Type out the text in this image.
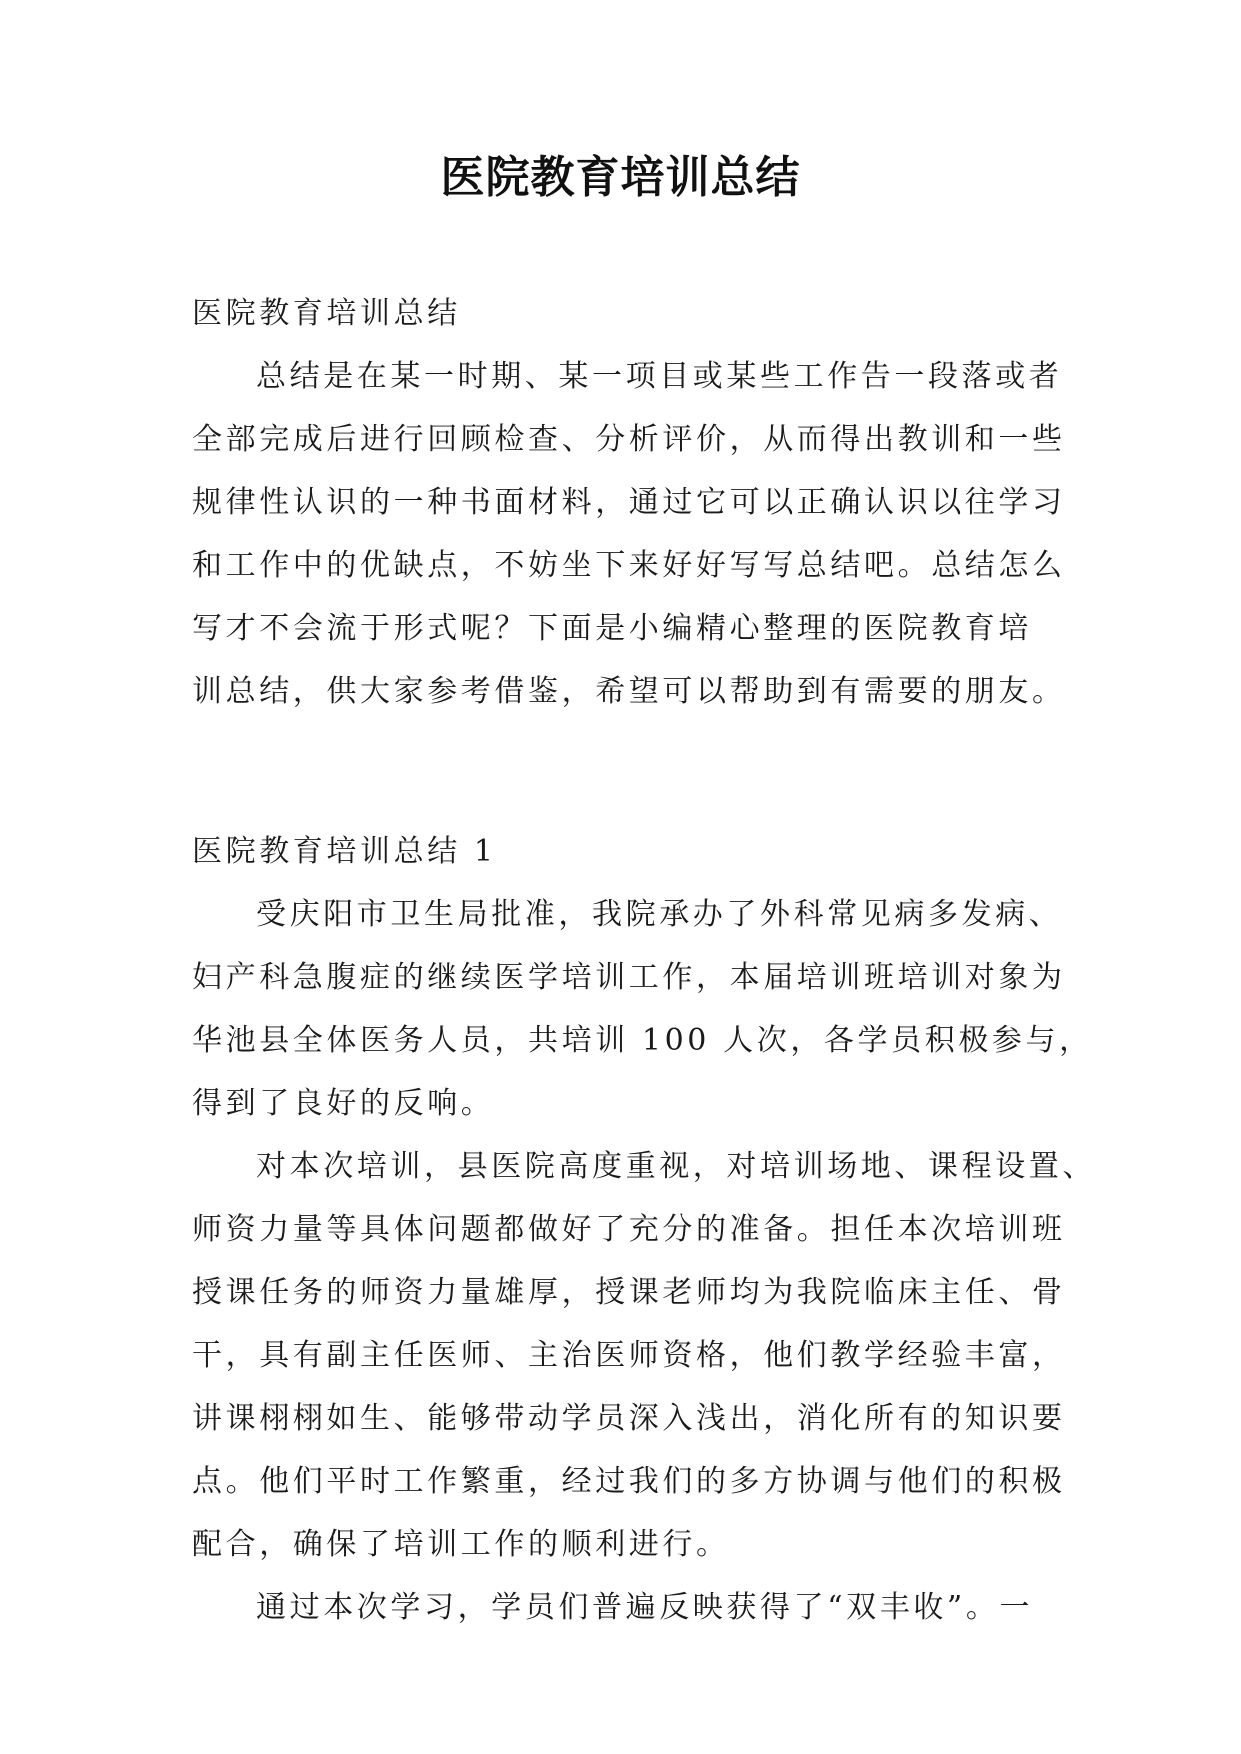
医院教育培训总结
医院教育培训总结
总结是在某一时期、某一项目或某些工作告一段落或者
全部完成后进行回顾检查、分析评价，从而得出教训和一些
规律性认识的一种书面材料，通过它可以正确认识以往学习
和工作中的优缺点，不妨坐下来好好写写总结吧。总结怎么
写才不会流于形式呢？下面是小编精心整理的医院教育培
训总结，供大家参考借鉴，希望可以帮助到有需要的朋友。
医院教育培训总结 1
受庆阳市卫生局批准，我院承办了外科常见病多发病、
妇产科急腹症的继续医学培训工作，本届培训班培训对象为
华池县全体医务人员，共培训 100 人次，各学员积极参与，
得到了良好的反响。
对本次培训，县医院高度重视，对培训场地、课程设置、
师资力量等具体问题都做好了充分的准备。担任本次培训班
授课任务的师资力量雄厚，授课老师均为我院临床主任、骨
干，具有副主任医师、主治医师资格，他们教学经验丰富，
讲课栩栩如生、能够带动学员深入浅出，消化所有的知识要
点。他们平时工作繁重，经过我们的多方协调与他们的积极
配合，确保了培训工作的顺利进行。
通过本次学习，学员们普遍反映获得了“双丰收”。一
